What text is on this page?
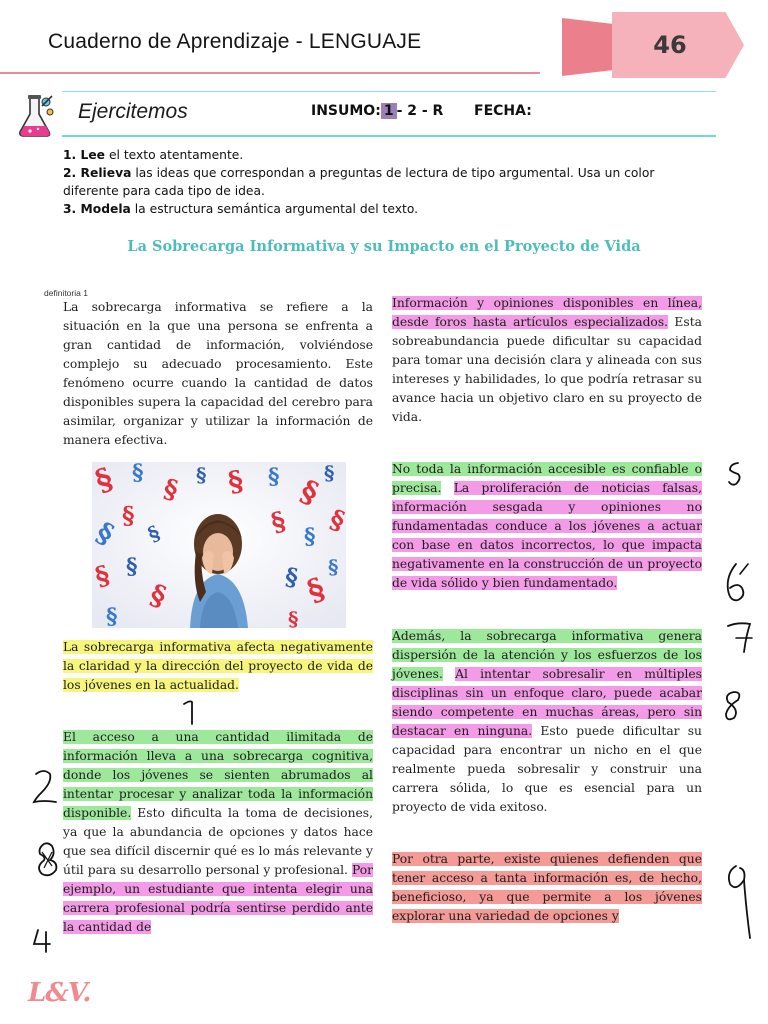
Cuaderno de Aprendizaje - LENGUAJE	46
Ejercitemos	INSUMO: 1 - 2 - R FECHA:
1. Lee el texto atentamente.
2. Relieva las ideas que correspondan a preguntas de lectura de tipo argumental. Usa un color diferente para cada tipo de idea.
3. Modela la estructura semántica argumental del texto.
La Sobrecarga Informativa y su Impacto en el Proyecto de Vida
definitoria 1
La sobrecarga informativa se refiere a la situación en la que una persona se enfrenta a gran cantidad de información, volviéndose complejo su adecuado procesamiento. Este fenómeno ocurre cuando la cantidad de datos disponibles supera la capacidad del cerebro para asimilar, organizar y utilizar la información de manera efectiva.
§ §
§ § § § §
§
§ §
§	§ § §
§ §
§
§ §
§	§
§
La sobrecarga informativa afecta negativamente la claridad y la dirección del proyecto de vida de los jóvenes en la actualidad.
El acceso a una cantidad ilimitada de información lleva a una sobrecarga cognitiva, donde los jóvenes se sienten abrumados al intentar procesar y analizar toda la información disponible. Esto dificulta la toma de decisiones, ya que la abundancia de opciones y datos hace que sea difícil discernir qué es lo más relevante y útil para su desarrollo personal y profesional. Por ejemplo, un estudiante que intenta elegir una carrera profesional podría sentirse perdido ante la cantidad de
Información y opiniones disponibles en línea, desde foros hasta artículos especializados. Esta sobreabundancia puede dificultar su capacidad para tomar una decisión clara y alineada con sus intereses y habilidades, lo que podría retrasar su avance hacia un objetivo claro en su proyecto de vida.
No toda la información accesible es confiable o precisa. La proliferación de noticias falsas, información sesgada y opiniones no fundamentadas conduce a los jóvenes a actuar con base en datos incorrectos, lo que impacta negativamente en la construcción de un proyecto de vida sólido y bien fundamentado.
Además, la sobrecarga informativa genera dispersión de la atención y los esfuerzos de los jóvenes. Al intentar sobresalir en múltiples disciplinas sin un enfoque claro, puede acabar siendo competente en muchas áreas, pero sin destacar en ninguna. Esto puede dificultar su capacidad para encontrar un nicho en el que realmente pueda sobresalir y construir una carrera sólida, lo que es esencial para un proyecto de vida exitoso.
Por otra parte, existe quienes defienden que tener acceso a tanta información es, de hecho, beneficioso, ya que permite a los jóvenes explorar una variedad de opciones y
L&V.
